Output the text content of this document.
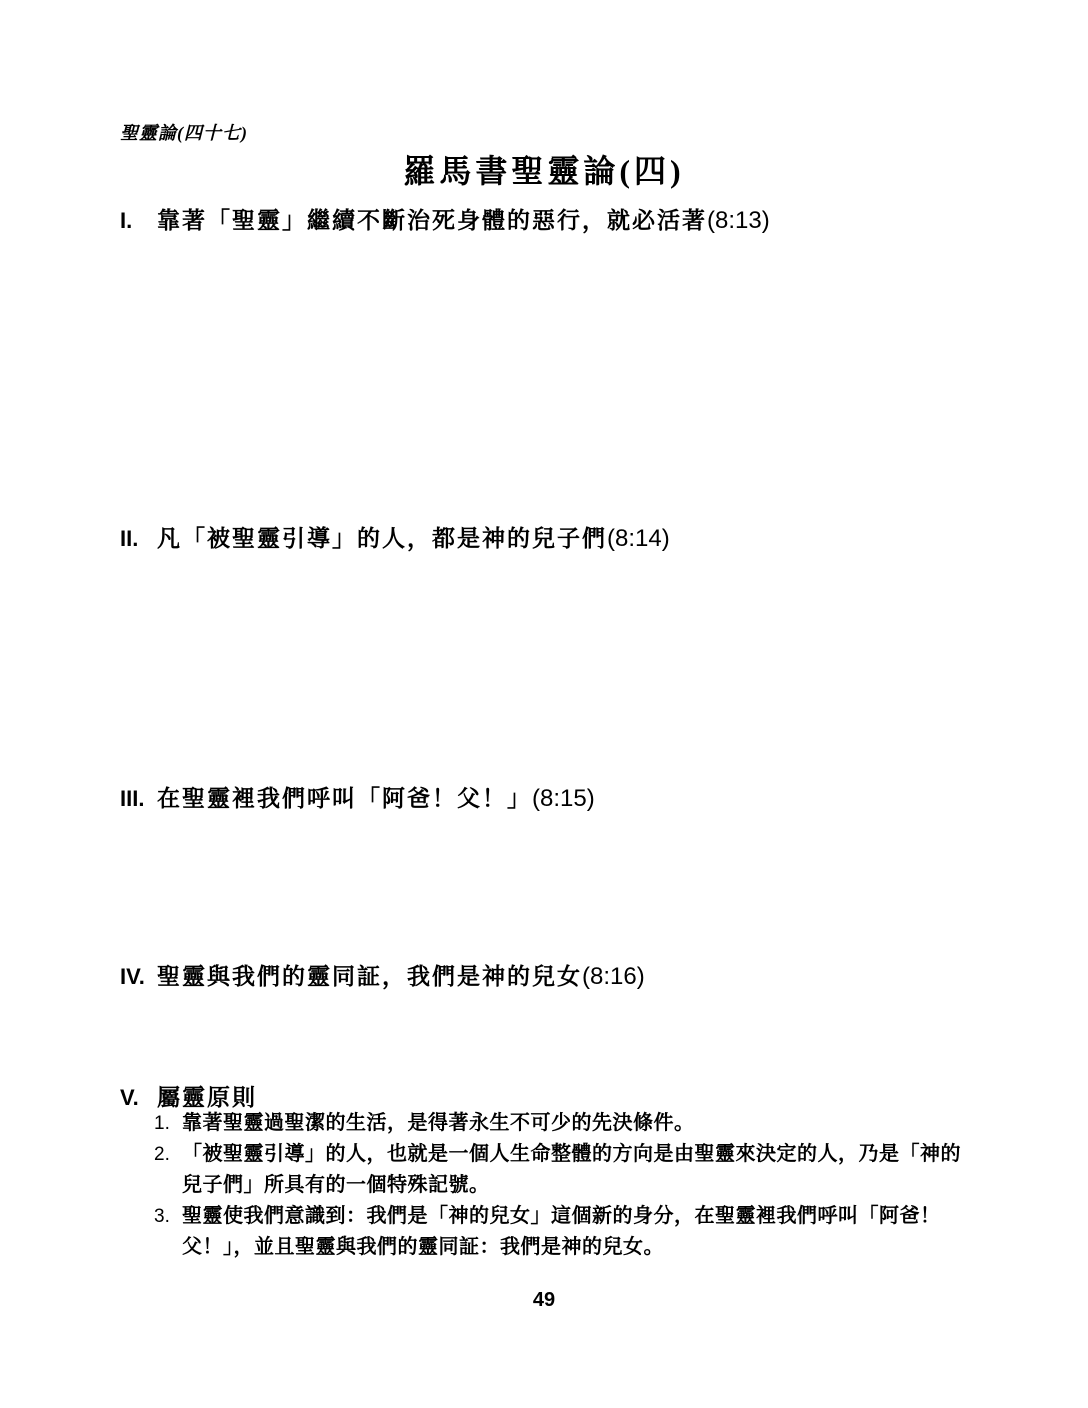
聖靈論(四十七)
羅馬書聖靈論(四)
I. 靠著「聖靈」繼續不斷治死身體的惡行，就必活著(8:13)
II. 凡「被聖靈引導」的人，都是神的兒子們(8:14)
III. 在聖靈裡我們呼叫「阿爸！父！」(8:15)
IV. 聖靈與我們的靈同証，我們是神的兒女(8:16)
V. 屬靈原則
1. 靠著聖靈過聖潔的生活，是得著永生不可少的先決條件。
2. 「被聖靈引導」的人，也就是一個人生命整體的方向是由聖靈來決定的人，乃是「神的兒子們」所具有的一個特殊記號。
3. 聖靈使我們意識到：我們是「神的兒女」這個新的身分，在聖靈裡我們呼叫「阿爸！父！」，並且聖靈與我們的靈同証：我們是神的兒女。
49
